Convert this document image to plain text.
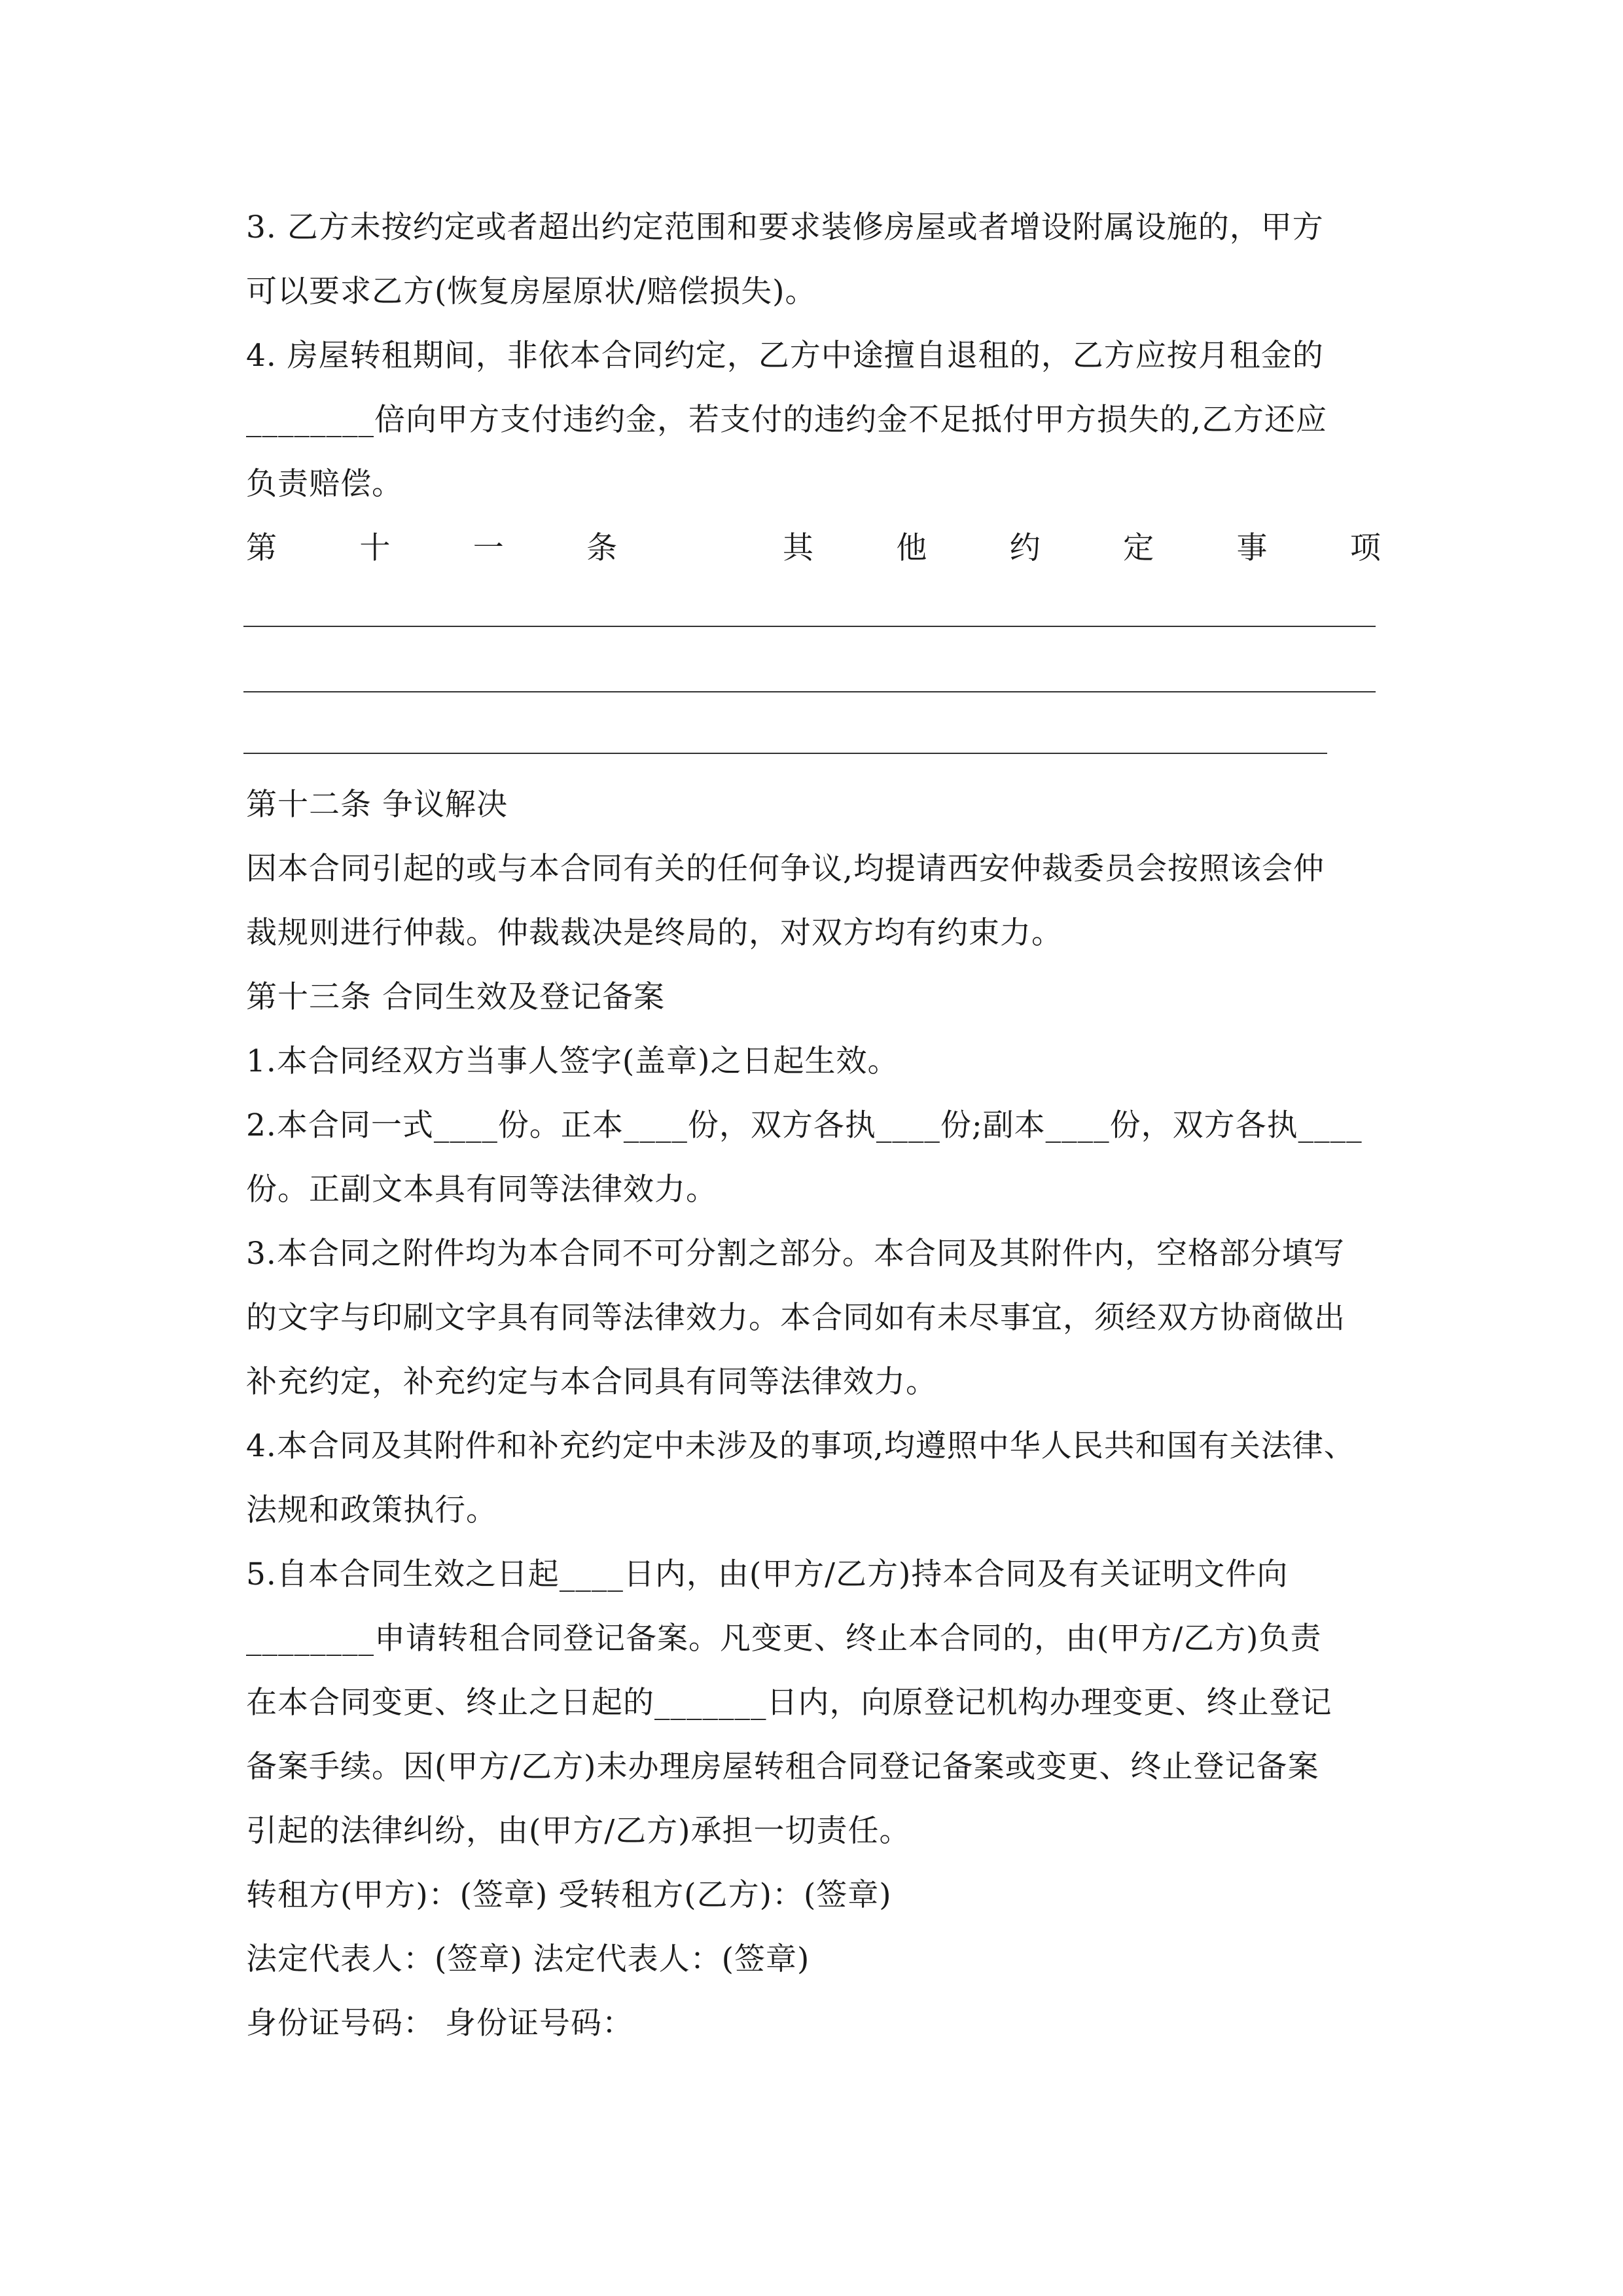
3. 乙方未按约定或者超出约定范围和要求装修房屋或者增设附属设施的，甲方
可以要求乙方(恢复房屋原状/赔偿损失)。
4. 房屋转租期间，非依本合同约定，乙方中途擅自退租的，乙方应按月租金的
________倍向甲方支付违约金，若支付的违约金不足抵付甲方损失的,乙方还应
负责赔偿。
第	十	一	条	其	他	约	定	事	项
第十二条 争议解决
因本合同引起的或与本合同有关的任何争议,均提请西安仲裁委员会按照该会仲
裁规则进行仲裁。仲裁裁决是终局的，对双方均有约束力。
第十三条 合同生效及登记备案
1.本合同经双方当事人签字(盖章)之日起生效。
2.本合同一式____份。正本____份，双方各执____份;副本____份，双方各执____
份。正副文本具有同等法律效力。
3.本合同之附件均为本合同不可分割之部分。本合同及其附件内，空格部分填写
的文字与印刷文字具有同等法律效力。本合同如有未尽事宜，须经双方协商做出
补充约定，补充约定与本合同具有同等法律效力。
4.本合同及其附件和补充约定中未涉及的事项,均遵照中华人民共和国有关法律、
法规和政策执行。
5.自本合同生效之日起____日内，由(甲方/乙方)持本合同及有关证明文件向
________申请转租合同登记备案。凡变更、终止本合同的，由(甲方/乙方)负责
在本合同变更、终止之日起的_______日内，向原登记机构办理变更、终止登记
备案手续。因(甲方/乙方)未办理房屋转租合同登记备案或变更、终止登记备案
引起的法律纠纷，由(甲方/乙方)承担一切责任。
转租方(甲方)：(签章) 受转租方(乙方)：(签章)
法定代表人：(签章) 法定代表人：(签章)
身份证号码： 身份证号码：
